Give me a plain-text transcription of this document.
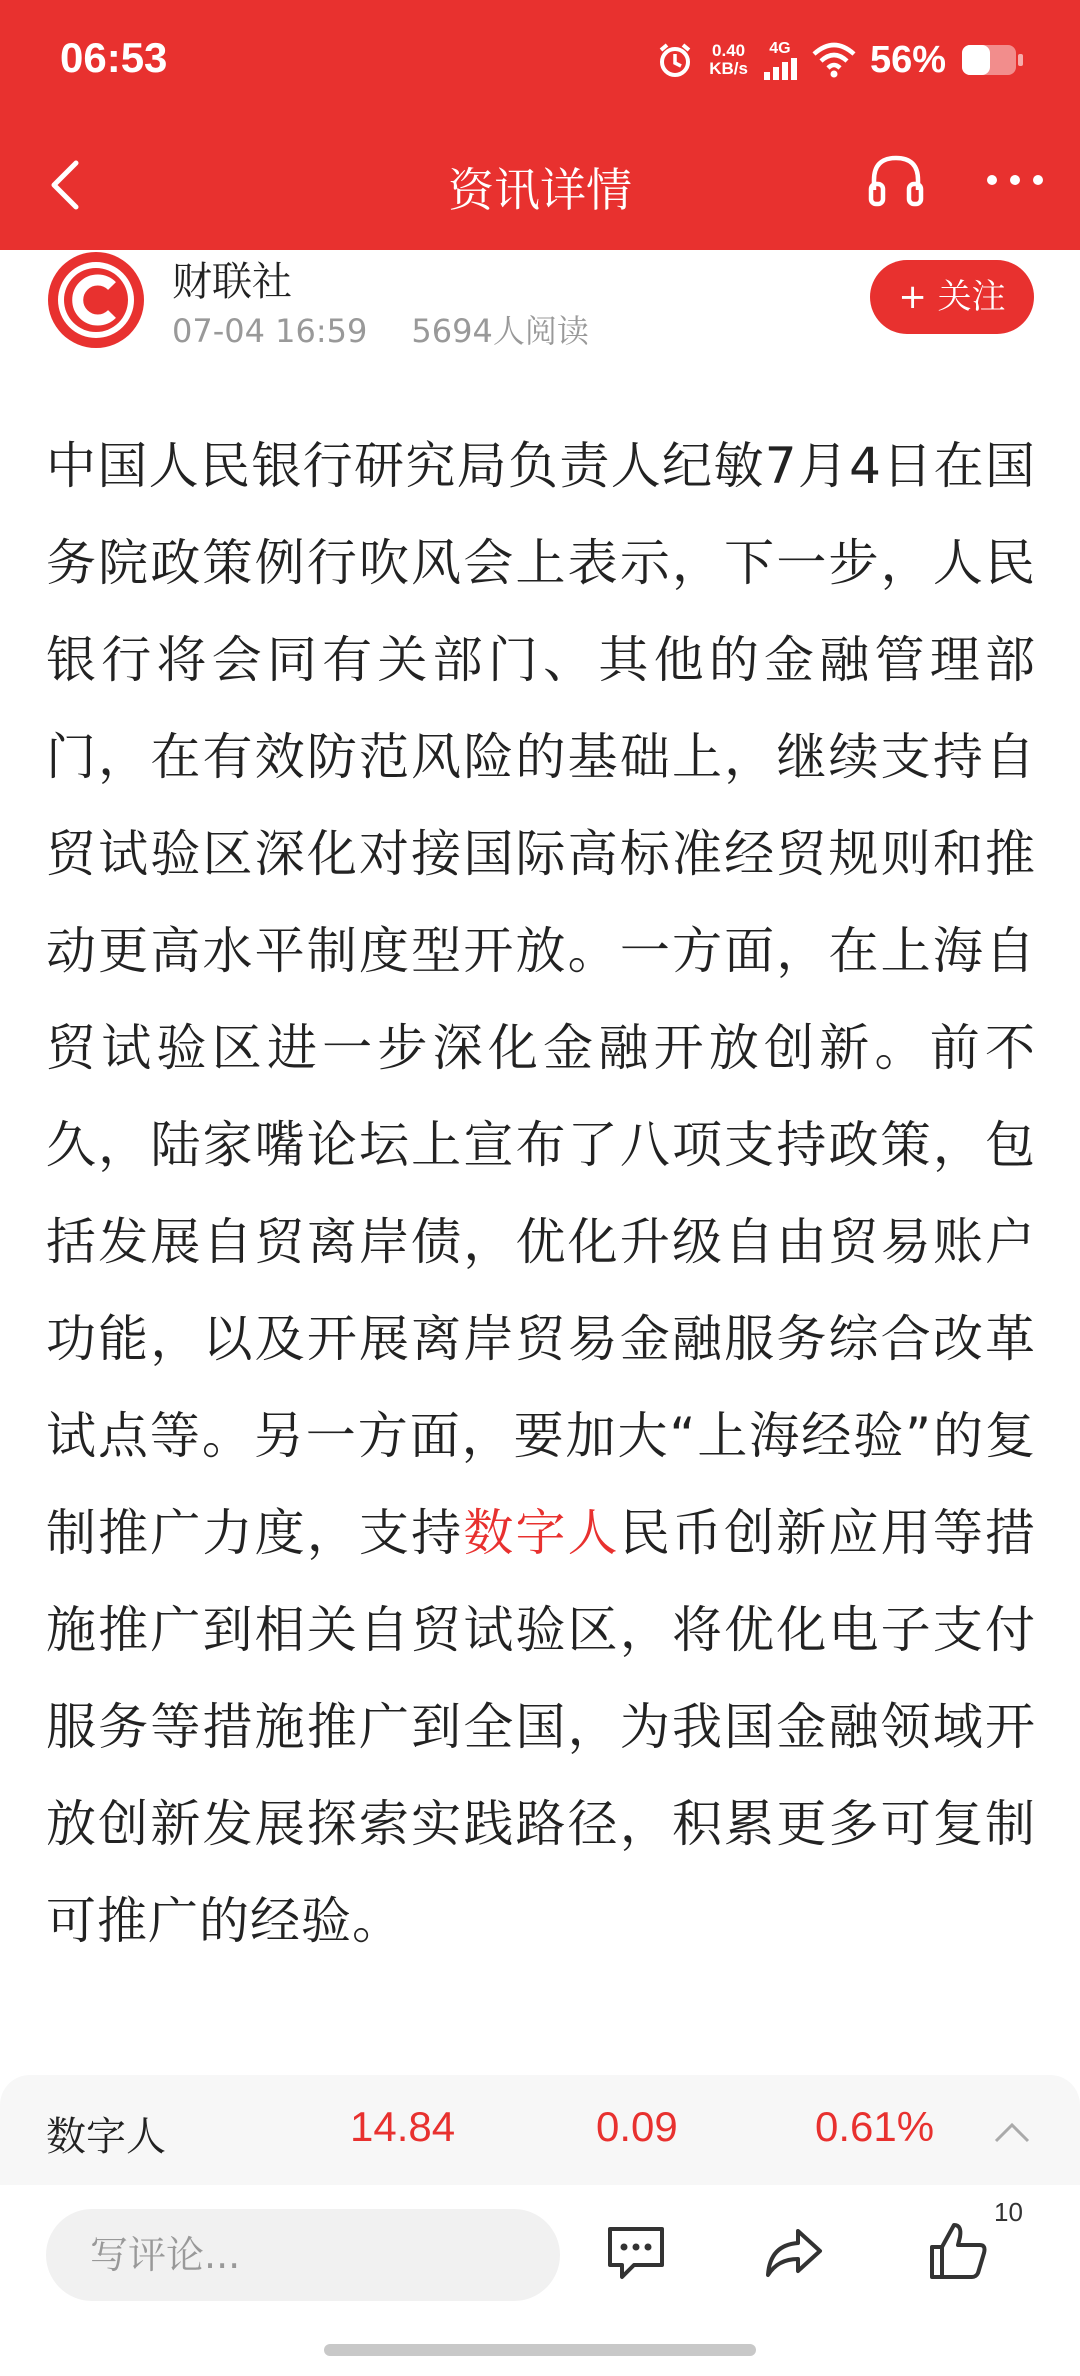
06:53	0.40
KB/s
4G 56%
资讯详情
财联社
07-04 16:59 5694人阅读
+ 关注
中国人民银行研究局负责人纪敏7月4日在国务院政策例行吹风会上表示，下一步，人民银行将会同有关部门、其他的金融管理部门，在有效防范风险的基础上，继续支持自贸试验区深化对接国际高标准经贸规则和推动更高水平制度型开放。一方面，在上海自贸试验区进一步深化金融开放创新。前不久，陆家嘴论坛上宣布了八项支持政策，包括发展自贸离岸债，优化升级自由贸易账户功能，以及开展离岸贸易金融服务综合改革试点等。另一方面，要加大“上海经验”的复制推广力度，支持数字人民币创新应用等措施推广到相关自贸试验区，将优化电子支付服务等措施推广到全国，为我国金融领域开放创新发展探索实践路径，积累更多可复制可推广的经验。
数字人	14.84	0.09	0.61%
写评论...
10
